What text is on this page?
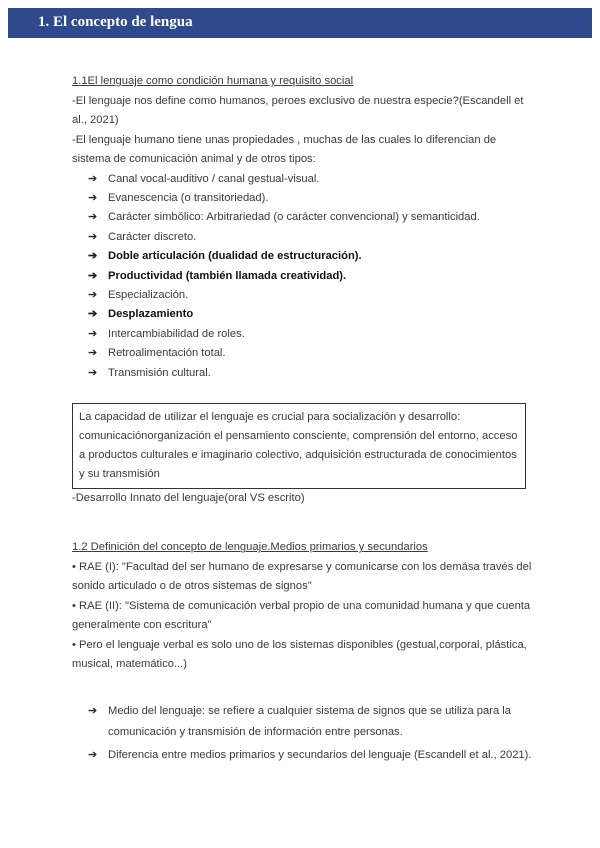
1. El concepto de lengua

1.1El lenguaje como condición humana y requisito social

-El lenguaje nos define como humanos, peroes exclusivo de nuestra especie?(Escandell et al., 2021)

-El lenguaje humano tiene unas propiedades , muchas de las cuales lo diferencian de sistema de comunicación animal y de otros tipos:

➔ Canal vocal-auditivo / canal gestual-visual.
➔ Evanescencia (o transitoriedad).
➔ Carácter simbólico: Arbitrariedad (o carácter convencional) y semanticidad.
➔ Carácter discreto.
➔ Doble articulación (dualidad de estructuración).
➔ Productividad (también llamada creatividad).
➔ Especialización.
➔ Desplazamiento
➔ Intercambiabilidad de roles.
➔ Retroalimentación total.
➔ Transmisión cultural.
La capacidad de utilizar el lenguaje es crucial para socialización y desarrollo: comunicaciónorganización el pensamiento consciente, comprensión del entorno, acceso a productos culturales e imaginario colectivo, adquisición estructurada de conocimientos y su transmisión

-Desarrollo Innato del lenguaje(oral VS escrito)

1.2 Definición del concepto de lenguaje.Medios primarios y secundarios

• RAE (I): "Facultad del ser humano de expresarse y comunicarse con los demása través del sonido articulado o de otros sistemas de signos"

• RAE (II): "Sistema de comunicación verbal propio de una comunidad humana y que cuenta generalmente con escritura"

• Pero el lenguaje verbal es solo uno de los sistemas disponibles (gestual,corporal, plástica, musical, matemático...)

➔ Medio del lenguaje: se refiere a cualquier sistema de signos que se utiliza para la comunicación y transmisión de información entre personas.
➔ Diferencia entre medios primarios y secundarios del lenguaje (Escandell et al., 2021).
